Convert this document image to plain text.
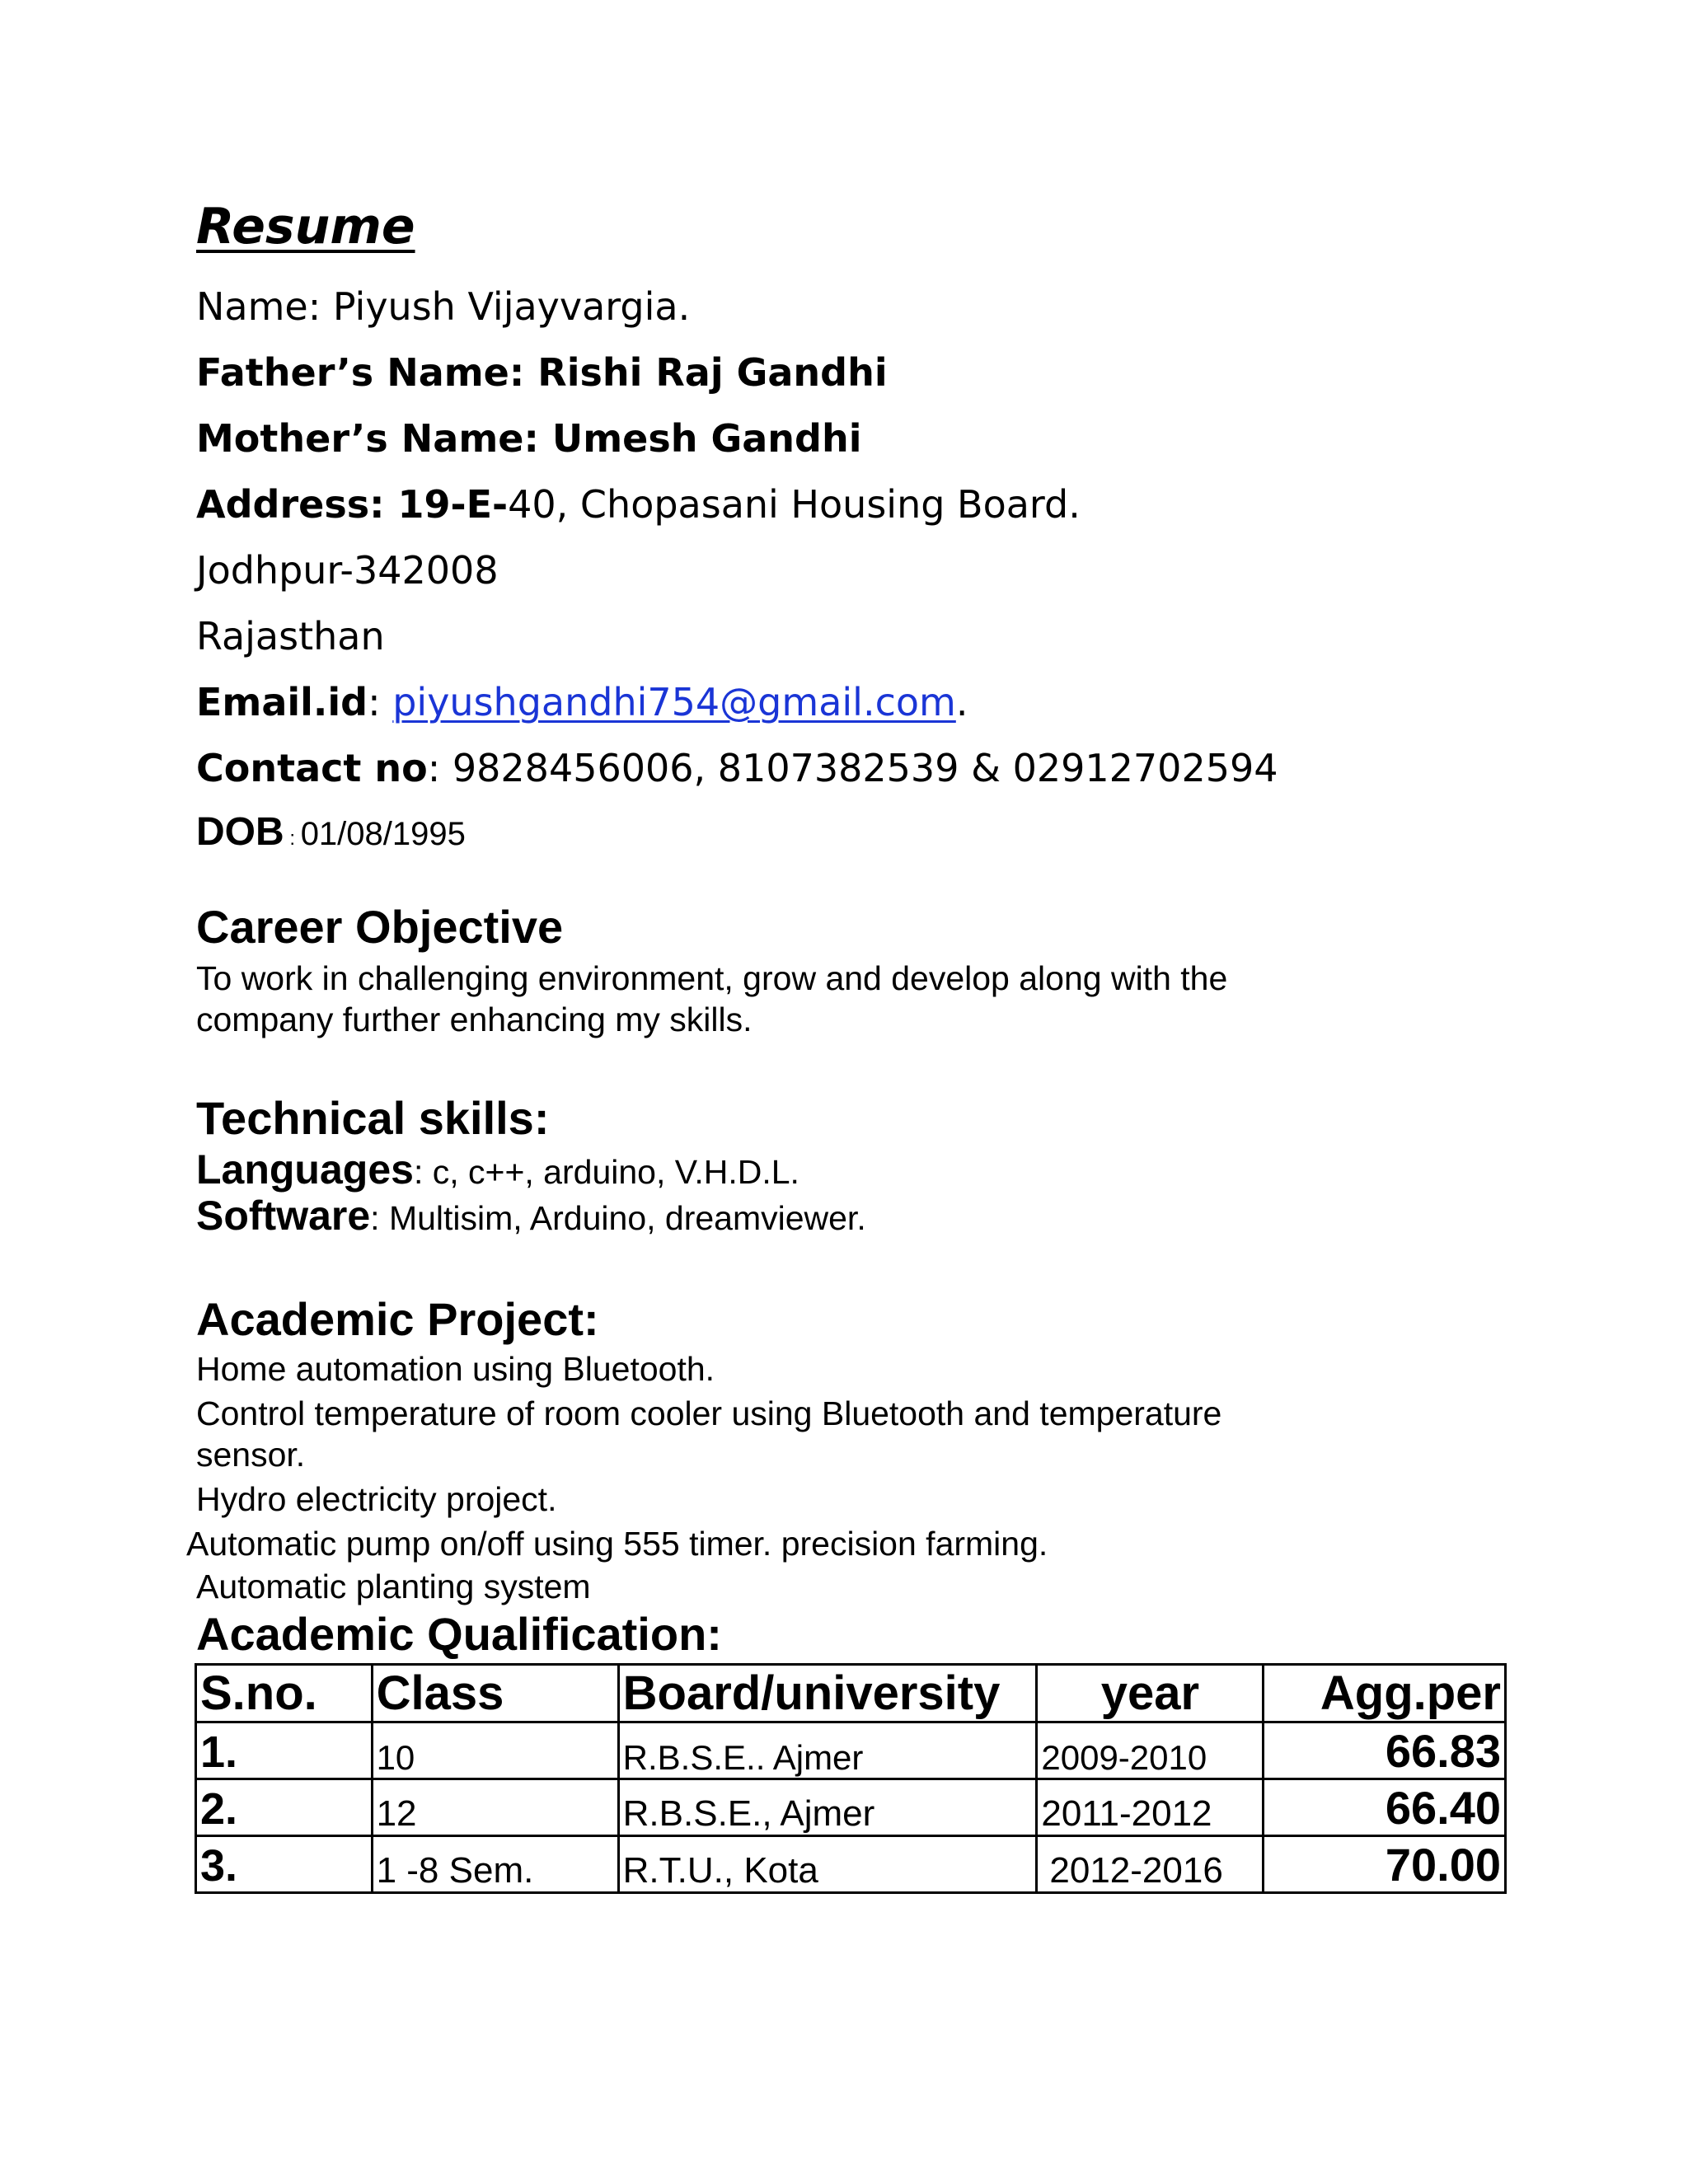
Resume
Name: Piyush Vijayvargia.
Father’s Name: Rishi Raj Gandhi
Mother’s Name: Umesh Gandhi
Address: 19-E-40, Chopasani Housing Board.
Jodhpur-342008
Rajasthan
Email.id: piyushgandhi754@gmail.com.
Contact no: 9828456006, 8107382539 & 02912702594
DOB : 01/08/1995
Career Objective
To work in challenging environment, grow and develop along with the
company further enhancing my skills.
Technical skills:
Languages: c, c++, arduino, V.H.D.L.
Software: Multisim, Arduino, dreamviewer.
Academic Project:
Home automation using Bluetooth.
Control temperature of room cooler using Bluetooth and temperature
sensor.
Hydro electricity project.
Automatic pump on/off using 555 timer. precision farming.
Automatic planting system
Academic Qualification:
S.no.	Class	Board/university	year	Agg.per
1.	10	R.B.S.E.. Ajmer	2009-2010	66.83
2.	12	R.B.S.E., Ajmer	2011-2012	66.40
3.	1 -8 Sem.	R.T.U., Kota	2012-2016	70.00
